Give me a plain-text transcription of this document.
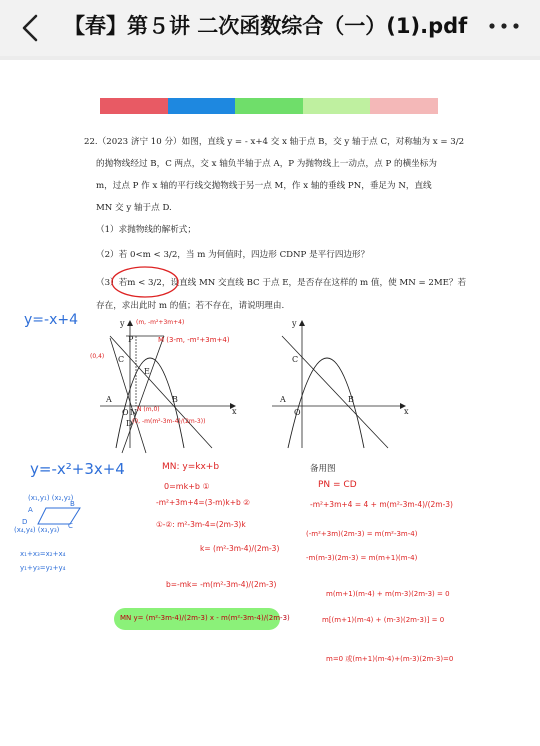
【春】第５讲 二次函数综合（一）(1).pdf
22.（2023 济宁 10 分）如图，直线 y = - x+4 交 x 轴于点 B，交 y 轴于点 C，对称轴为 x = 3/2
的抛物线经过 B，C 两点，交 x 轴负半轴于点 A，P 为抛物线上一动点，点 P 的横坐标为
m，过点 P 作 x 轴的平行线交抛物线于另一点 M，作 x 轴的垂线 PN，垂足为 N，直线
MN 交 y 轴于点 D.
（1）求抛物线的解析式；
（2）若 0<m < 3/2，当 m 为何值时，四边形 CDNP 是平行四边形？
（3）若m < 3/2，设直线 MN 交直线 BC 于点 E，是否存在这样的 m 值，使 MN = 2ME？若
存在，求出此时 m 的值；若不存在，请说明理由.
y=-x+4
(0,4)
(m, -m²+3m+4)
M (3-m, -m²+3m+4)
N (m,0)
(0, -m(m²-3m-4)/(2m-3))
x
y
O
A	B
C
P
E
N
D
x
y
O
A	B
C
y=-x²+3x+4
(x₁,y₁) (x₂,y₂)
A
B
C
D
(x₄,y₄) (x₃,y₃)
x₁+x₃=x₂+x₄
y₁+y₃=y₂+y₄
MN: y=kx+b
0=mk+b ①
-m²+3m+4=(3-m)k+b ②
①-②: m²-3m-4=(2m-3)k
k= (m²-3m-4)/(2m-3)
b=-mk= -m(m²-3m-4)/(2m-3)
MN y= (m²-3m-4)/(2m-3) x - m(m²-3m-4)/(2m-3)
备用图
PN = CD
-m²+3m+4 = 4 + m(m²-3m-4)/(2m-3)
(-m²+3m)(2m-3) = m(m²-3m-4)
-m(m-3)(2m-3) = m(m+1)(m-4)
m(m+1)(m-4) + m(m-3)(2m-3) = 0
m[(m+1)(m-4) + (m-3)(2m-3)] = 0
m=0 或(m+1)(m-4)+(m-3)(2m-3)=0
